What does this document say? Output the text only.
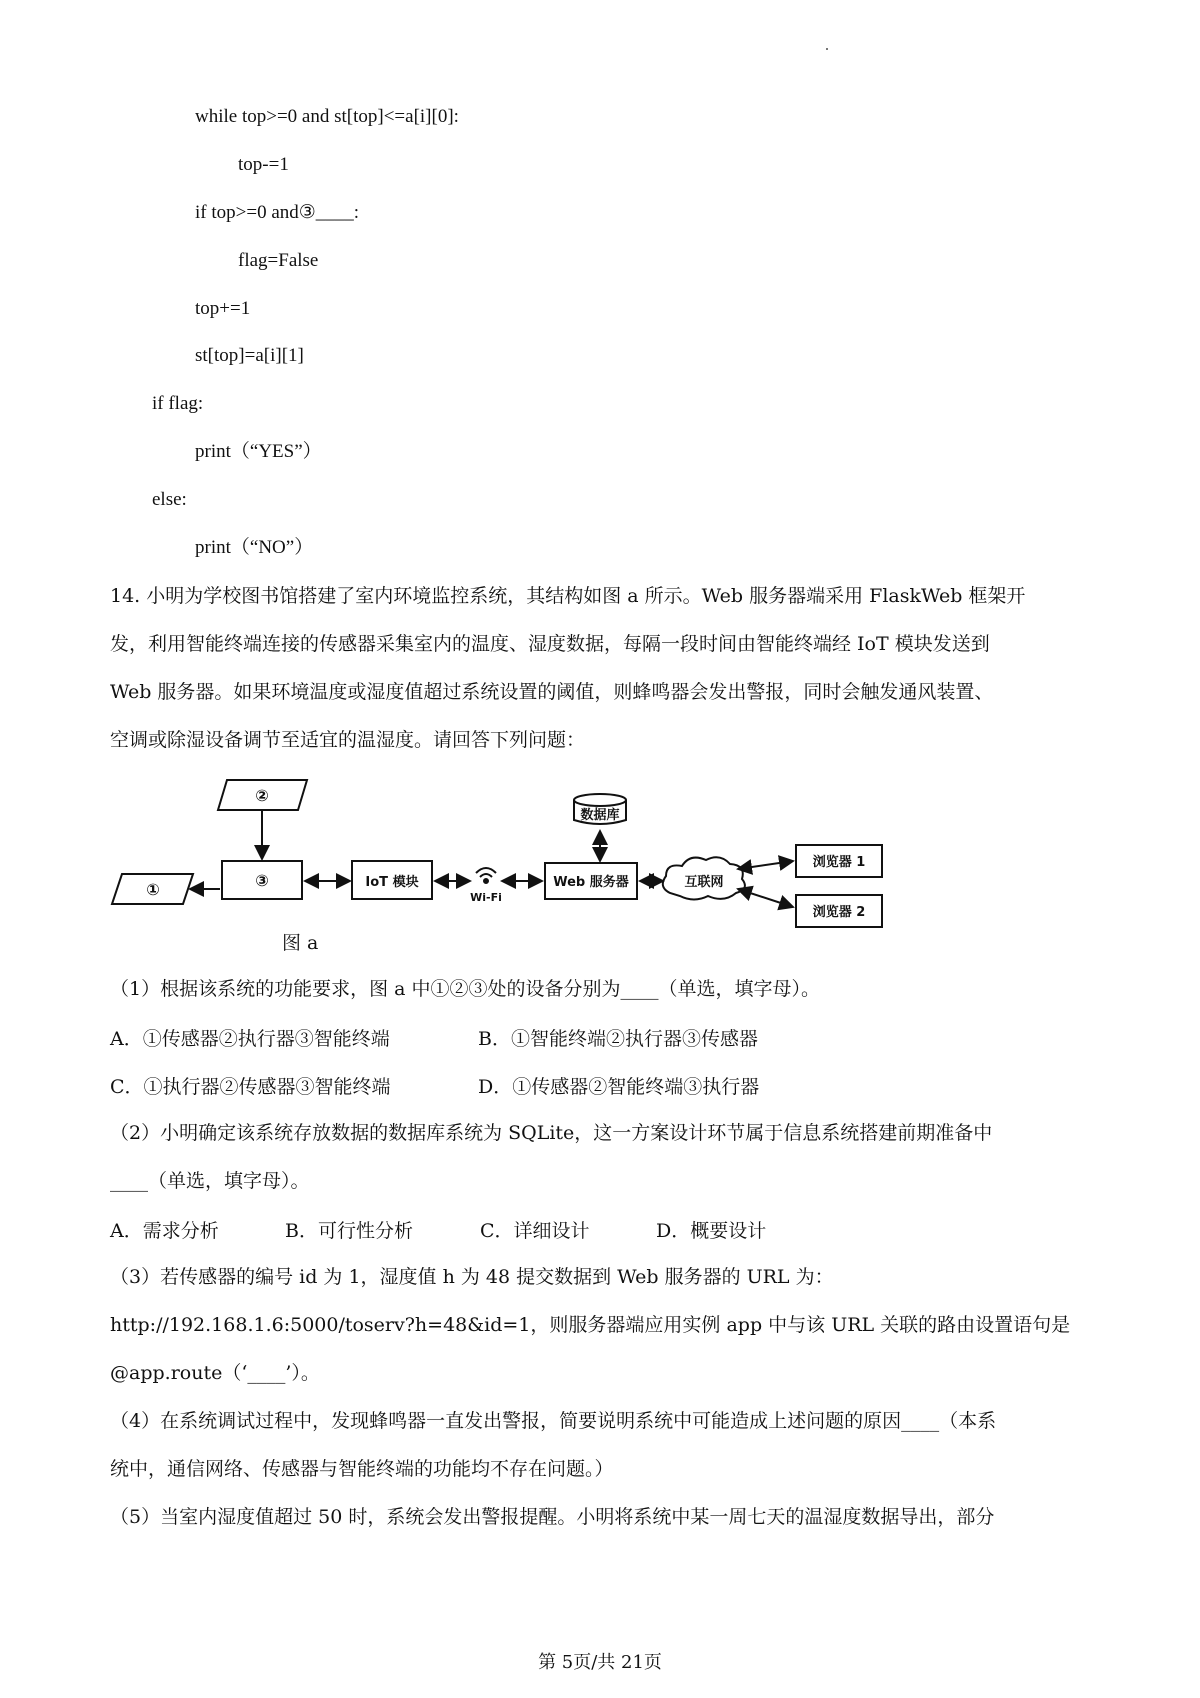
while top>=0 and st[top]<=a[i][0]:
top-=1
if top>=0 and③____:
flag=False
top+=1
st[top]=a[i][1]
if flag:
print（“YES”）
else:
print（“NO”）
14. 小明为学校图书馆搭建了室内环境监控系统，其结构如图 a 所示。Web 服务器端采用 FlaskWeb 框架开
发，利用智能终端连接的传感器采集室内的温度、湿度数据，每隔一段时间由智能终端经 IoT 模块发送到
Web 服务器。如果环境温度或湿度值超过系统设置的阈值，则蜂鸣器会发出警报，同时会触发通风装置、
空调或除湿设备调节至适宜的温湿度。请回答下列问题：
①
②
③	IoT 模块
Wi-Fi
Web 服务器
数据库
互联网
浏览器 1
浏览器 2
图 a
（1）根据该系统的功能要求，图 a 中①②③处的设备分别为____（单选，填字母）。
A．①传感器②执行器③智能终端	B．①智能终端②执行器③传感器
C．①执行器②传感器③智能终端	D．①传感器②智能终端③执行器
（2）小明确定该系统存放数据的数据库系统为 SQLite，这一方案设计环节属于信息系统搭建前期准备中
____（单选，填字母）。
A．需求分析	B．可行性分析	C．详细设计	D．概要设计
（3）若传感器的编号 id 为 1，湿度值 h 为 48 提交数据到 Web 服务器的 URL 为：
http://192.168.1.6:5000/toserv?h=48&id=1，则服务器端应用实例 app 中与该 URL 关联的路由设置语句是
@app.route（‘____’）。
（4）在系统调试过程中，发现蜂鸣器一直发出警报，简要说明系统中可能造成上述问题的原因____（本系
统中，通信网络、传感器与智能终端的功能均不存在问题。）
（5）当室内湿度值超过 50 时，系统会发出警报提醒。小明将系统中某一周七天的温湿度数据导出，部分
第 5页/共 21页
